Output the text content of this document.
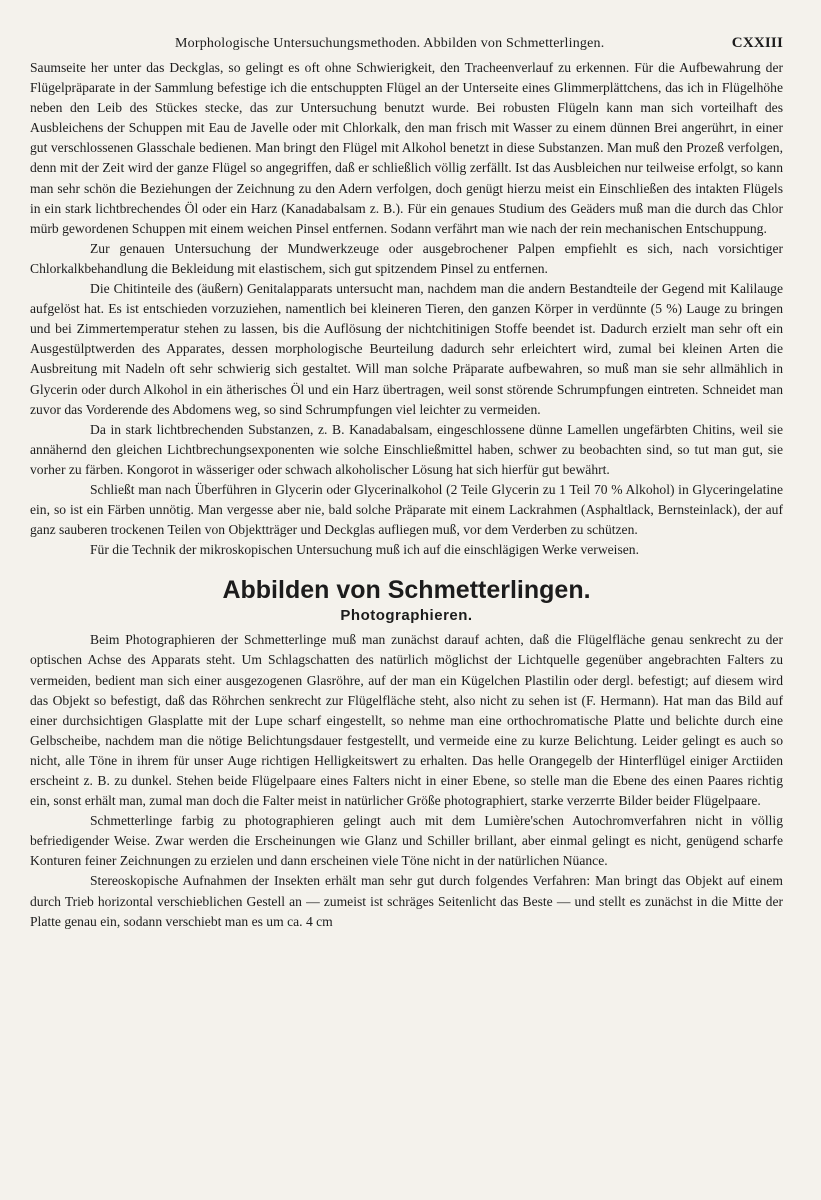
Morphologische Untersuchungsmethoden. Abbilden von Schmetterlingen.	CXXIII

Saumseite her unter das Deckglas, so gelingt es oft ohne Schwierigkeit, den Tracheenverlauf zu erkennen. Für die Aufbewahrung der Flügelpräparate in der Sammlung befestige ich die entschuppten Flügel an der Unterseite eines Glimmerplättchens, das ich in Flügelhöhe neben den Leib des Stückes stecke, das zur Untersuchung benutzt wurde. Bei robusten Flügeln kann man sich vorteilhaft des Ausbleichens der Schuppen mit Eau de Javelle oder mit Chlorkalk, den man frisch mit Wasser zu einem dünnen Brei angerührt, in einer gut verschlossenen Glasschale bedienen. Man bringt den Flügel mit Alkohol benetzt in diese Substanzen. Man muß den Prozeß verfolgen, denn mit der Zeit wird der ganze Flügel so angegriffen, daß er schließlich völlig zerfällt. Ist das Ausbleichen nur teilweise erfolgt, so kann man sehr schön die Beziehungen der Zeichnung zu den Adern verfolgen, doch genügt hierzu meist ein Einschließen des intakten Flügels in ein stark lichtbrechendes Öl oder ein Harz (Kanadabalsam z. B.). Für ein genaues Studium des Geäders muß man die durch das Chlor mürb gewordenen Schuppen mit einem weichen Pinsel entfernen. Sodann verfährt man wie nach der rein mechanischen Entschuppung.

Zur genauen Untersuchung der Mundwerkzeuge oder ausgebrochener Palpen empfiehlt es sich, nach vorsichtiger Chlorkalkbehandlung die Bekleidung mit elastischem, sich gut spitzendem Pinsel zu entfernen.

Die Chitinteile des (äußern) Genitalapparats untersucht man, nachdem man die andern Bestandteile der Gegend mit Kalilauge aufgelöst hat. Es ist entschieden vorzuziehen, namentlich bei kleineren Tieren, den ganzen Körper in verdünnte (5 %) Lauge zu bringen und bei Zimmertemperatur stehen zu lassen, bis die Auflösung der nichtchitinigen Stoffe beendet ist. Dadurch erzielt man sehr oft ein Ausgestülptwerden des Apparates, dessen morphologische Beurteilung dadurch sehr erleichtert wird, zumal bei kleinen Arten die Ausbreitung mit Nadeln oft sehr schwierig sich gestaltet. Will man solche Präparate aufbewahren, so muß man sie sehr allmählich in Glycerin oder durch Alkohol in ein ätherisches Öl und ein Harz übertragen, weil sonst störende Schrumpfungen eintreten. Schneidet man zuvor das Vorderende des Abdomens weg, so sind Schrumpfungen viel leichter zu vermeiden.

Da in stark lichtbrechenden Substanzen, z. B. Kanadabalsam, eingeschlossene dünne Lamellen ungefärbten Chitins, weil sie annähernd den gleichen Lichtbrechungsexponenten wie solche Einschließmittel haben, schwer zu beobachten sind, so tut man gut, sie vorher zu färben. Kongorot in wässeriger oder schwach alkoholischer Lösung hat sich hierfür gut bewährt.

Schließt man nach Überführen in Glycerin oder Glycerinalkohol (2 Teile Glycerin zu 1 Teil 70 % Alkohol) in Glyceringelatine ein, so ist ein Färben unnötig. Man vergesse aber nie, bald solche Präparate mit einem Lackrahmen (Asphaltlack, Bernsteinlack), der auf ganz sauberen trockenen Teilen von Objektträger und Deckglas aufliegen muß, vor dem Verderben zu schützen.

Für die Technik der mikroskopischen Untersuchung muß ich auf die einschlägigen Werke verweisen.

Abbilden von Schmetterlingen.
Photographieren.

Beim Photographieren der Schmetterlinge muß man zunächst darauf achten, daß die Flügelfläche genau senkrecht zu der optischen Achse des Apparats steht. Um Schlagschatten des natürlich möglichst der Lichtquelle gegenüber angebrachten Falters zu vermeiden, bedient man sich einer ausgezogenen Glasröhre, auf der man ein Kügelchen Plastilin oder dergl. befestigt; auf diesem wird das Objekt so befestigt, daß das Röhrchen senkrecht zur Flügelfläche steht, also nicht zu sehen ist (F. Hermann). Hat man das Bild auf einer durchsichtigen Glasplatte mit der Lupe scharf eingestellt, so nehme man eine orthochromatische Platte und belichte durch eine Gelbscheibe, nachdem man die nötige Belichtungsdauer festgestellt, und vermeide eine zu kurze Belichtung. Leider gelingt es auch so nicht, alle Töne in ihrem für unser Auge richtigen Helligkeitswert zu erhalten. Das helle Orangegelb der Hinterflügel einiger Arctiiden erscheint z. B. zu dunkel. Stehen beide Flügelpaare eines Falters nicht in einer Ebene, so stelle man die Ebene des einen Paares richtig ein, sonst erhält man, zumal man doch die Falter meist in natürlicher Größe photographiert, starke verzerrte Bilder beider Flügelpaare.

Schmetterlinge farbig zu photographieren gelingt auch mit dem Lumière'schen Autochromverfahren nicht in völlig befriedigender Weise. Zwar werden die Erscheinungen wie Glanz und Schiller brillant, aber einmal gelingt es nicht, genügend scharfe Konturen feiner Zeichnungen zu erzielen und dann erscheinen viele Töne nicht in der natürlichen Nüance.

Stereoskopische Aufnahmen der Insekten erhält man sehr gut durch folgendes Verfahren: Man bringt das Objekt auf einem durch Trieb horizontal verschieblichen Gestell an — zumeist ist schräges Seitenlicht das Beste — und stellt es zunächst in die Mitte der Platte genau ein, sodann verschiebt man es um ca. 4 cm
